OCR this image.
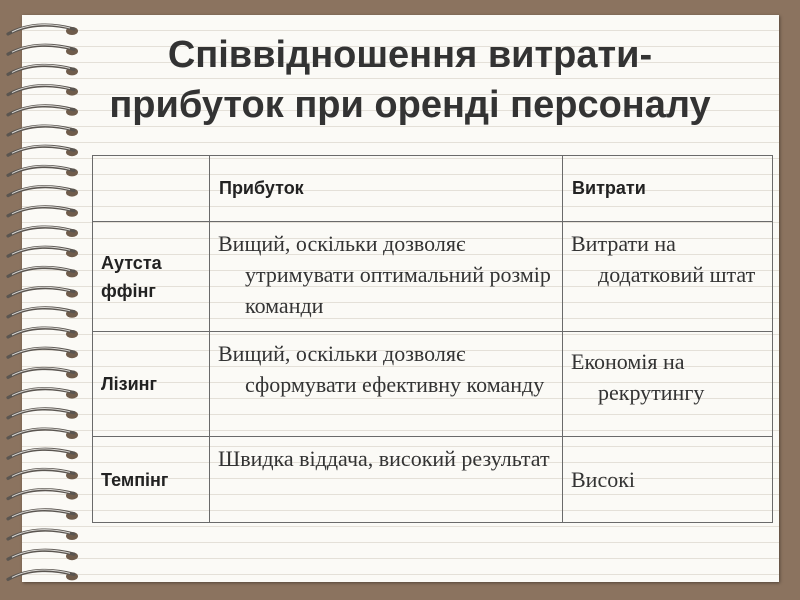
Співвідношення витрати-
прибуток при оренді персоналу
	Прибуток	Витрати
Аутста ффінг	Вищий, оскільки дозволяє утримувати оптимальний розмір команди	Витрати на додатковий штат

Лізинг	Вищий, оскільки дозволяє сформувати ефективну команду	Економія на рекрутингу

Темпінг	Швидка віддача, високий результат	Високі
